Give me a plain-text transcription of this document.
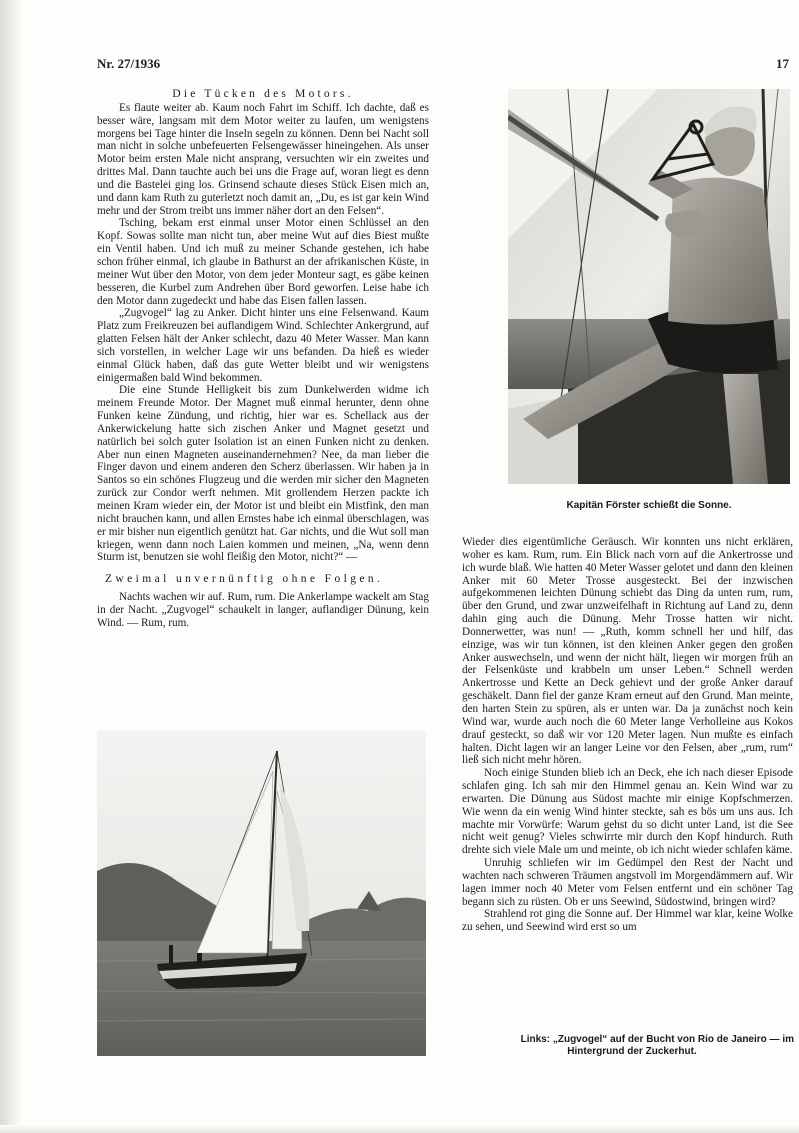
Nr. 27/1936	17
Die Tücken des Motors.

Es flaute weiter ab. Kaum noch Fahrt im Schiff. Ich dachte, daß es besser wäre, langsam mit dem Motor weiter zu laufen, um wenigstens morgens bei Tage hinter die Inseln segeln zu können. Denn bei Nacht soll man nicht in solche unbefeuerten Felsengewässer hineingehen. Als unser Motor beim ersten Male nicht ansprang, versuchten wir ein zweites und drittes Mal. Dann tauchte auch bei uns die Frage auf, woran liegt es denn und die Bastelei ging los. Grinsend schaute dieses Stück Eisen mich an, und dann kam Ruth zu guterletzt noch damit an, „Du, es ist gar kein Wind mehr und der Strom treibt uns immer näher dort an den Felsen“.

Tsching, bekam erst einmal unser Motor einen Schlüssel an den Kopf. Sowas sollte man nicht tun, aber meine Wut auf dies Biest mußte ein Ventil haben. Und ich muß zu meiner Schande gestehen, ich habe schon früher einmal, ich glaube in Bathurst an der afrikanischen Küste, in meiner Wut über den Motor, von dem jeder Monteur sagt, es gäbe keinen besseren, die Kurbel zum Andrehen über Bord geworfen. Leise habe ich den Motor dann zugedeckt und habe das Eisen fallen lassen.

„Zugvogel“ lag zu Anker. Dicht hinter uns eine Felsenwand. Kaum Platz zum Freikreuzen bei auflandigem Wind. Schlechter Ankergrund, auf glatten Felsen hält der Anker schlecht, dazu 40 Meter Wasser. Man kann sich vorstellen, in welcher Lage wir uns befanden. Da hieß es wieder einmal Glück haben, daß das gute Wetter bleibt und wir wenigstens einigermaßen bald Wind bekommen.

Die eine Stunde Helligkeit bis zum Dunkelwerden widme ich meinem Freunde Motor. Der Magnet muß einmal herunter, denn ohne Funken keine Zündung, und richtig, hier war es. Schellack aus der Ankerwickelung hatte sich zischen Anker und Magnet gesetzt und natürlich bei solch guter Isolation ist an einen Funken nicht zu denken. Aber nun einen Magneten auseinandernehmen? Nee, da man lieber die Finger davon und einem anderen den Scherz überlassen. Wir haben ja in Santos so ein schönes Flugzeug und die werden mir sicher den Magneten zurück zur Condor werft nehmen. Mit grollendem Herzen packte ich meinen Kram wieder ein, der Motor ist und bleibt ein Mistfink, den man nicht brauchen kann, und allen Ernstes habe ich einmal überschlagen, was er mir bisher nun eigentlich genützt hat. Gar nichts, und die Wut soll man kriegen, wenn dann noch Laien kommen und meinen, „Na, wenn denn Sturm ist, benutzen sie wohl fleißig den Motor, nicht?“ —

Zweimal unvernünftig ohne Folgen.

Nachts wachen wir auf. Rum, rum. Die Ankerlampe wackelt am Stag in der Nacht. „Zugvogel“ schaukelt in langer, auflandiger Dünung, kein Wind. — Rum, rum.

Kapitän Förster schießt die Sonne.

Wieder dies eigentümliche Geräusch. Wir konnten uns nicht erklären, woher es kam. Rum, rum. Ein Blick nach vorn auf die Ankertrosse und ich wurde blaß. Wie hatten 40 Meter Wasser gelotet und dann den kleinen Anker mit 60 Meter Trosse ausgesteckt. Bei der inzwischen aufgekommenen leichten Dünung schiebt das Ding da unten rum, rum, über den Grund, und zwar unzweifelhaft in Richtung auf Land zu, denn dahin ging auch die Dünung. Mehr Trosse hatten wir nicht. Donnerwetter, was nun! — „Ruth, komm schnell her und hilf, das einzige, was wir tun können, ist den kleinen Anker gegen den großen Anker auswechseln, und wenn der nicht hält, liegen wir morgen früh an der Felsenküste und krabbeln um unser Leben.“ Schnell werden Ankertrosse und Kette an Deck gehievt und der große Anker darauf geschäkelt. Dann fiel der ganze Kram erneut auf den Grund. Man meinte, den harten Stein zu spüren, als er unten war. Da ja zunächst noch kein Wind war, wurde auch noch die 60 Meter lange Verholleine aus Kokos drauf gesteckt, so daß wir vor 120 Meter lagen. Nun mußte es einfach halten. Dicht lagen wir an langer Leine vor den Felsen, aber „rum, rum“ ließ sich nicht mehr hören.

Noch einige Stunden blieb ich an Deck, ehe ich nach dieser Episode schlafen ging. Ich sah mir den Himmel genau an. Kein Wind war zu erwarten. Die Dünung aus Südost machte mir einige Kopfschmerzen. Wie wenn da ein wenig Wind hinter steckte, sah es bös um uns aus. Ich machte mir Vorwürfe: Warum gehst du so dicht unter Land, ist die See nicht weit genug? Vieles schwirrte mir durch den Kopf hindurch. Ruth drehte sich viele Male um und meinte, ob ich nicht wieder schlafen käme.

Unruhig schliefen wir im Gedümpel den Rest der Nacht und wachten nach schweren Träumen angstvoll im Morgendämmern auf. Wir lagen immer noch 40 Meter vom Felsen entfernt und ein schöner Tag begann sich zu rüsten. Ob er uns Seewind, Südostwind, bringen wird?

Strahlend rot ging die Sonne auf. Der Himmel war klar, keine Wolke zu sehen, und Seewind wird erst so um

Links: „Zugvogel“ auf der Bucht von Rio de Janeiro — im
Hintergrund der Zuckerhut.
